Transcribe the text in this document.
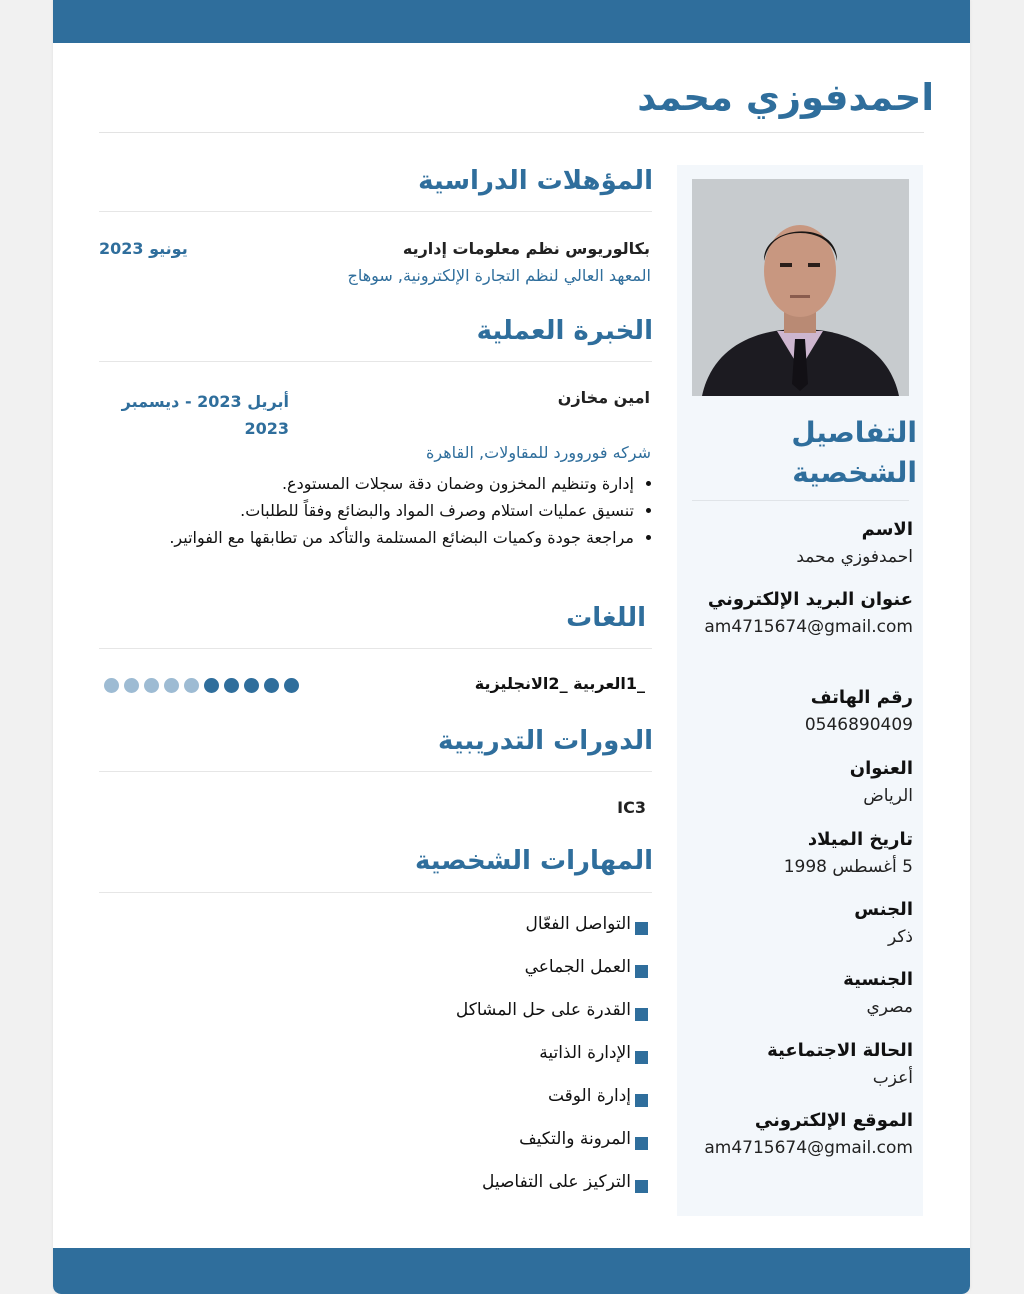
احمدفوزي محمد
التفاصيل الشخصية
الاسم
احمدفوزي محمد
عنوان البريد الإلكتروني
am4715674@gmail.com
رقم الهاتف
0546890409
العنوان
الرياض
تاريخ الميلاد
5 أغسطس 1998
الجنس
ذكر
الجنسية
مصري
الحالة الاجتماعية
أعزب
الموقع الإلكتروني
am4715674@gmail.com
المؤهلات الدراسية
بكالوريوس نظم معلومات إداريه
يونيو 2023
المعهد العالي لنظم التجارة الإلكترونية, سوهاج
الخبرة العملية
امين مخازن
أبريل 2023 - ديسمبر 2023
شركه فوروورد للمقاولات, القاهرة
• إدارة وتنظيم المخزون وضمان دقة سجلات المستودع.
• تنسيق عمليات استلام وصرف المواد والبضائع وفقاً للطلبات.
• مراجعة جودة وكميات البضائع المستلمة والتأكد من تطابقها مع الفواتير.
اللغات
_1العربية _2الانجليزية
الدورات التدريبية
IC3
المهارات الشخصية
التواصل الفعّال
العمل الجماعي
القدرة على حل المشاكل
الإدارة الذاتية
إدارة الوقت
المرونة والتكيف
التركيز على التفاصيل
